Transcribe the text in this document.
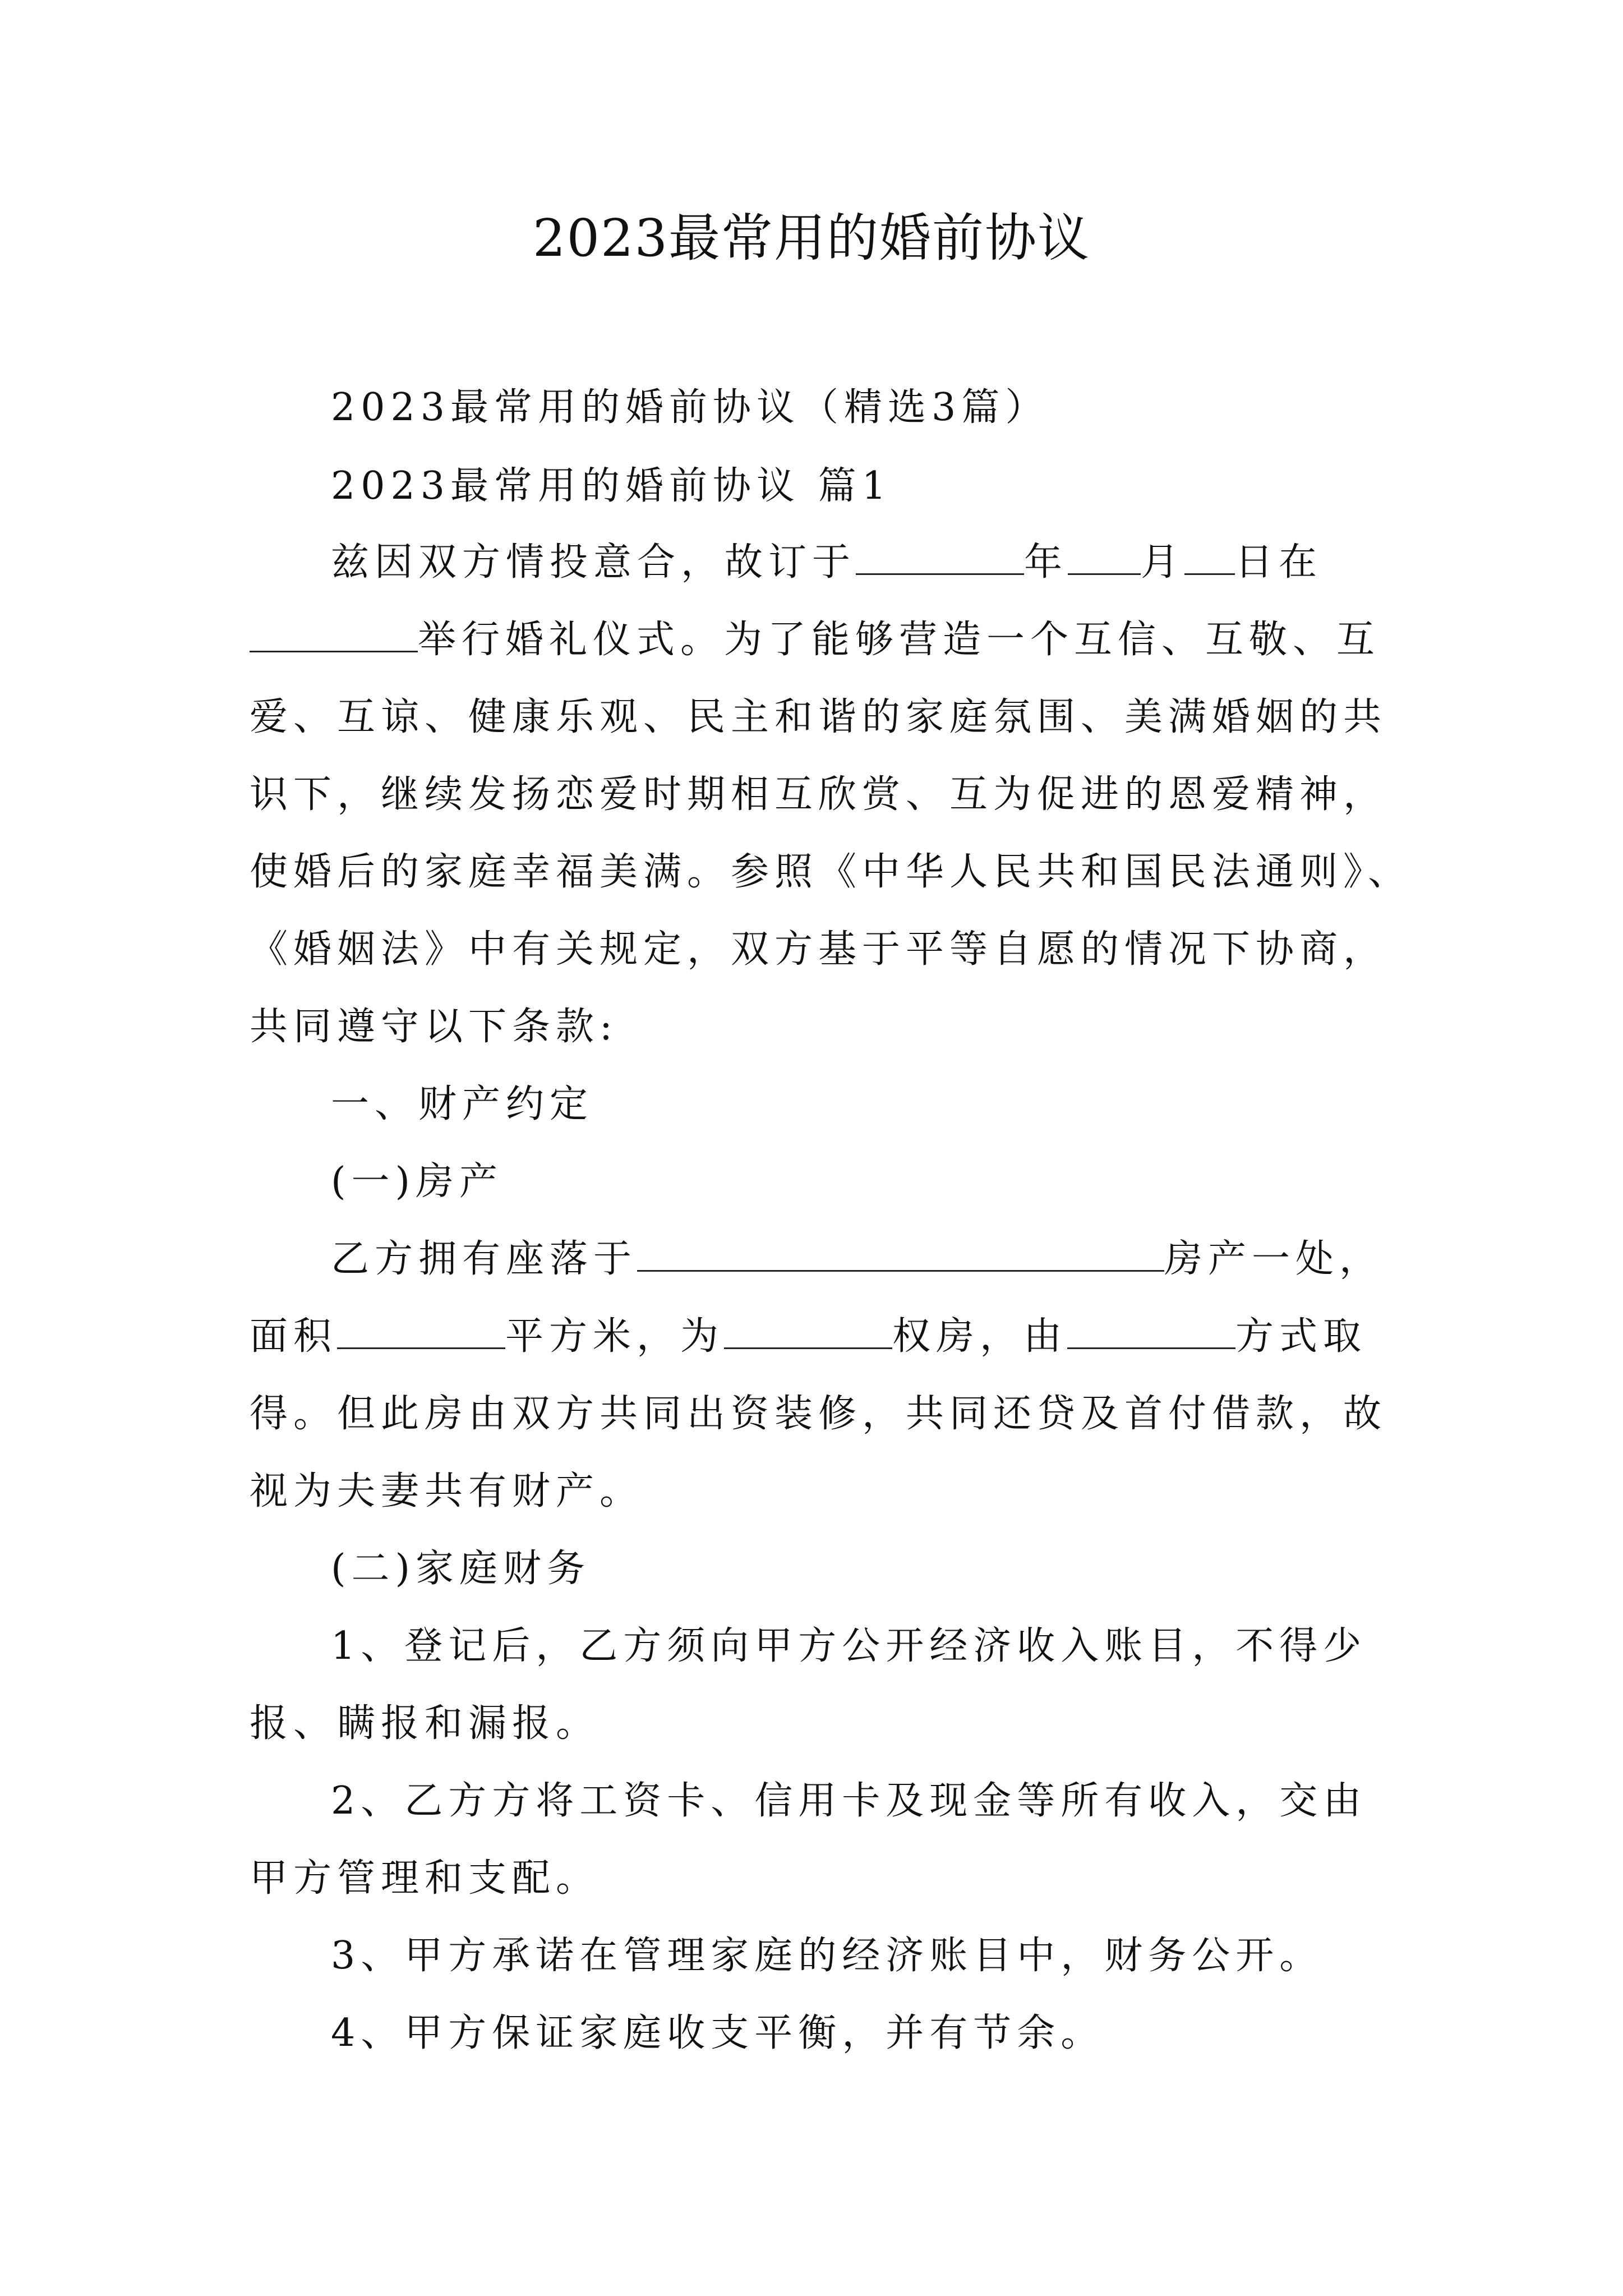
2023最常用的婚前协议
2023最常用的婚前协议（精选3篇）
2023最常用的婚前协议 篇1
兹因双方情投意合，故订于	年 月 日在
举行婚礼仪式。为了能够营造一个互信、互敬、互
爱、互谅、健康乐观、民主和谐的家庭氛围、美满婚姻的共
识下，继续发扬恋爱时期相互欣赏、互为促进的恩爱精神，
使婚后的家庭幸福美满。参照《中华人民共和国民法通则》、
《婚姻法》中有关规定，双方基于平等自愿的情况下协商，
共同遵守以下条款:
一、财产约定
(一)房产
乙方拥有座落于	房产一处，
面积	平方米，为	权房，由	方式取
得。但此房由双方共同出资装修，共同还贷及首付借款，故
视为夫妻共有财产。
(二)家庭财务
1、登记后，乙方须向甲方公开经济收入账目，不得少
报、瞒报和漏报。
2、乙方方将工资卡、信用卡及现金等所有收入，交由
甲方管理和支配。
3、甲方承诺在管理家庭的经济账目中，财务公开。
4、甲方保证家庭收支平衡，并有节余。
